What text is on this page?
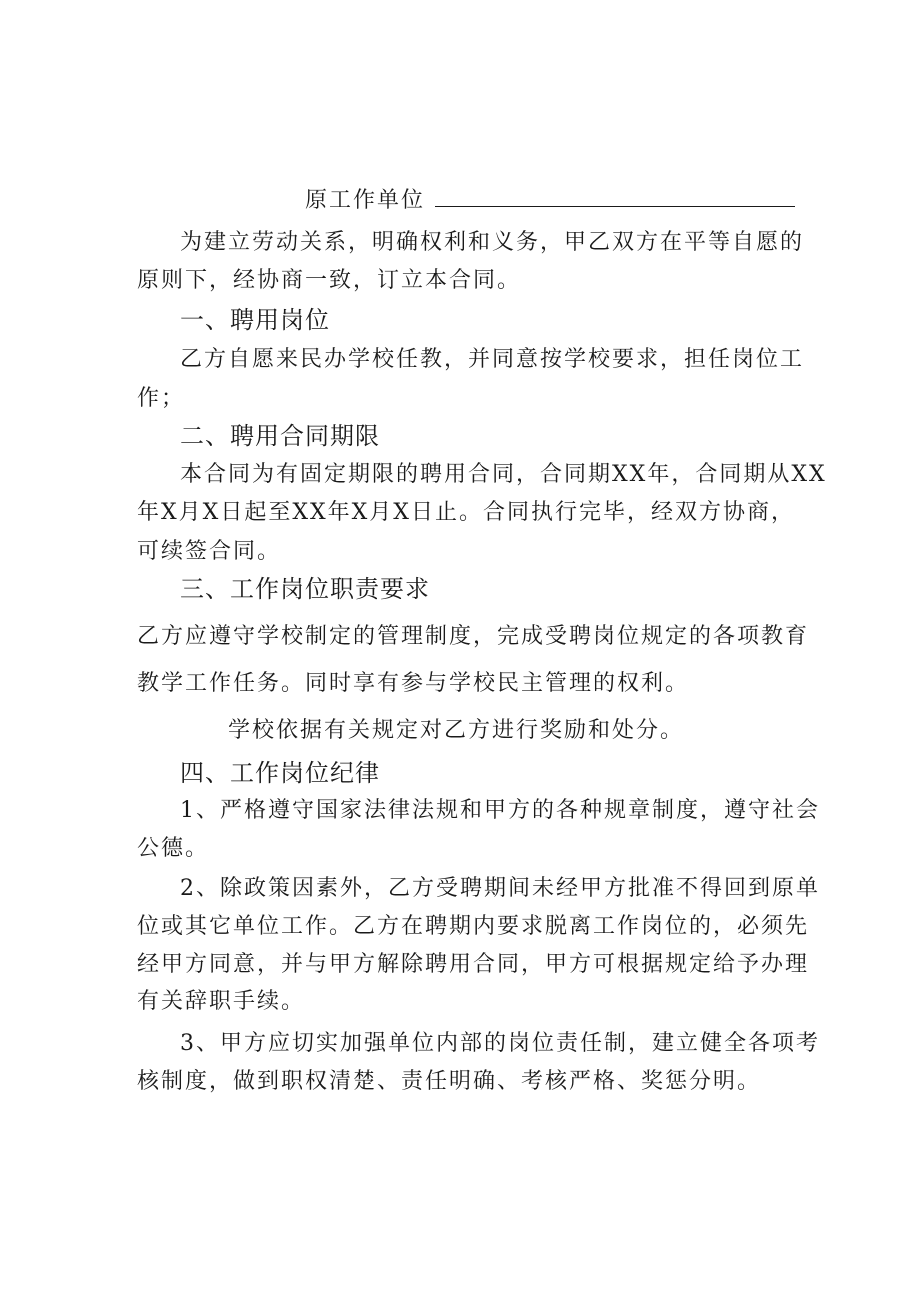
原工作单位
为建立劳动关系，明确权利和义务，甲乙双方在平等自愿的
原则下，经协商一致，订立本合同。
一、聘用岗位
乙方自愿来民办学校任教，并同意按学校要求，担任岗位工
作；
二、聘用合同期限
本合同为有固定期限的聘用合同，合同期XX年，合同期从XX
年X月X日起至XX年X月X日止。合同执行完毕，经双方协商，
可续签合同。
三、工作岗位职责要求
乙方应遵守学校制定的管理制度，完成受聘岗位规定的各项教育
教学工作任务。同时享有参与学校民主管理的权利。
学校依据有关规定对乙方进行奖励和处分。
四、工作岗位纪律
1、严格遵守国家法律法规和甲方的各种规章制度，遵守社会
公德。
2、除政策因素外，乙方受聘期间未经甲方批准不得回到原单
位或其它单位工作。乙方在聘期内要求脱离工作岗位的，必须先
经甲方同意，并与甲方解除聘用合同，甲方可根据规定给予办理
有关辞职手续。
3、甲方应切实加强单位内部的岗位责任制，建立健全各项考
核制度，做到职权清楚、责任明确、考核严格、奖惩分明。
